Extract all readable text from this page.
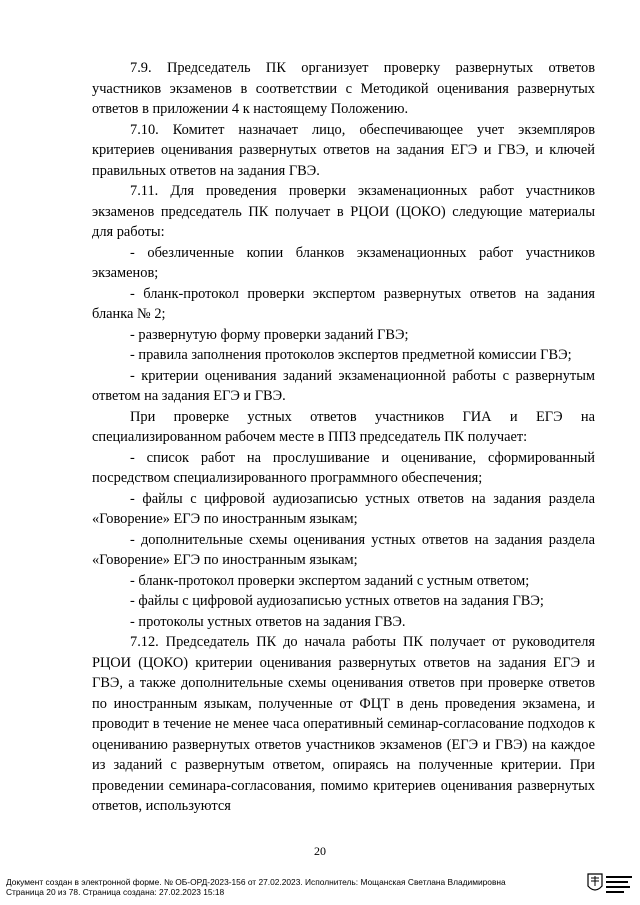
7.9. Председатель ПК организует проверку развернутых ответов участников экзаменов в соответствии с Методикой оценивания развернутых ответов в приложении 4 к настоящему Положению.

7.10. Комитет назначает лицо, обеспечивающее учет экземпляров критериев оценивания развернутых ответов на задания ЕГЭ и ГВЭ, и ключей правильных ответов на задания ГВЭ.

7.11. Для проведения проверки экзаменационных работ участников экзаменов председатель ПК получает в РЦОИ (ЦОКО) следующие материалы для работы:

- обезличенные копии бланков экзаменационных работ участников экзаменов;

- бланк-протокол проверки экспертом развернутых ответов на задания бланка № 2;

- развернутую форму проверки заданий ГВЭ;

- правила заполнения протоколов экспертов предметной комиссии ГВЭ;

- критерии оценивания заданий экзаменационной работы с развернутым ответом на задания ЕГЭ и ГВЭ.

При проверке устных ответов участников ГИА и ЕГЭ на специализированном рабочем месте в ППЗ председатель ПК получает:

- список работ на прослушивание и оценивание, сформированный посредством специализированного программного обеспечения;

- файлы с цифровой аудиозаписью устных ответов на задания раздела «Говорение» ЕГЭ по иностранным языкам;

- дополнительные схемы оценивания устных ответов на задания раздела «Говорение» ЕГЭ по иностранным языкам;

- бланк-протокол проверки экспертом заданий с устным ответом;

- файлы с цифровой аудиозаписью устных ответов на задания ГВЭ;

- протоколы устных ответов на задания ГВЭ.

7.12. Председатель ПК до начала работы ПК получает от руководителя РЦОИ (ЦОКО) критерии оценивания развернутых ответов на задания ЕГЭ и ГВЭ, а также дополнительные схемы оценивания ответов при проверке ответов по иностранным языкам, полученные от ФЦТ в день проведения экзамена, и проводит в течение не менее часа оперативный семинар-согласование подходов к оцениванию развернутых ответов участников экзаменов (ЕГЭ и ГВЭ) на каждое из заданий с развернутым ответом, опираясь на полученные критерии. При проведении семинара-согласования, помимо критериев оценивания развернутых ответов, используются

20
Документ создан в электронной форме. № ОБ-ОРД-2023-156 от 27.02.2023. Исполнитель: Мощанская Светлана Владимировна
Страница 20 из 78. Страница создана: 27.02.2023 15:18
